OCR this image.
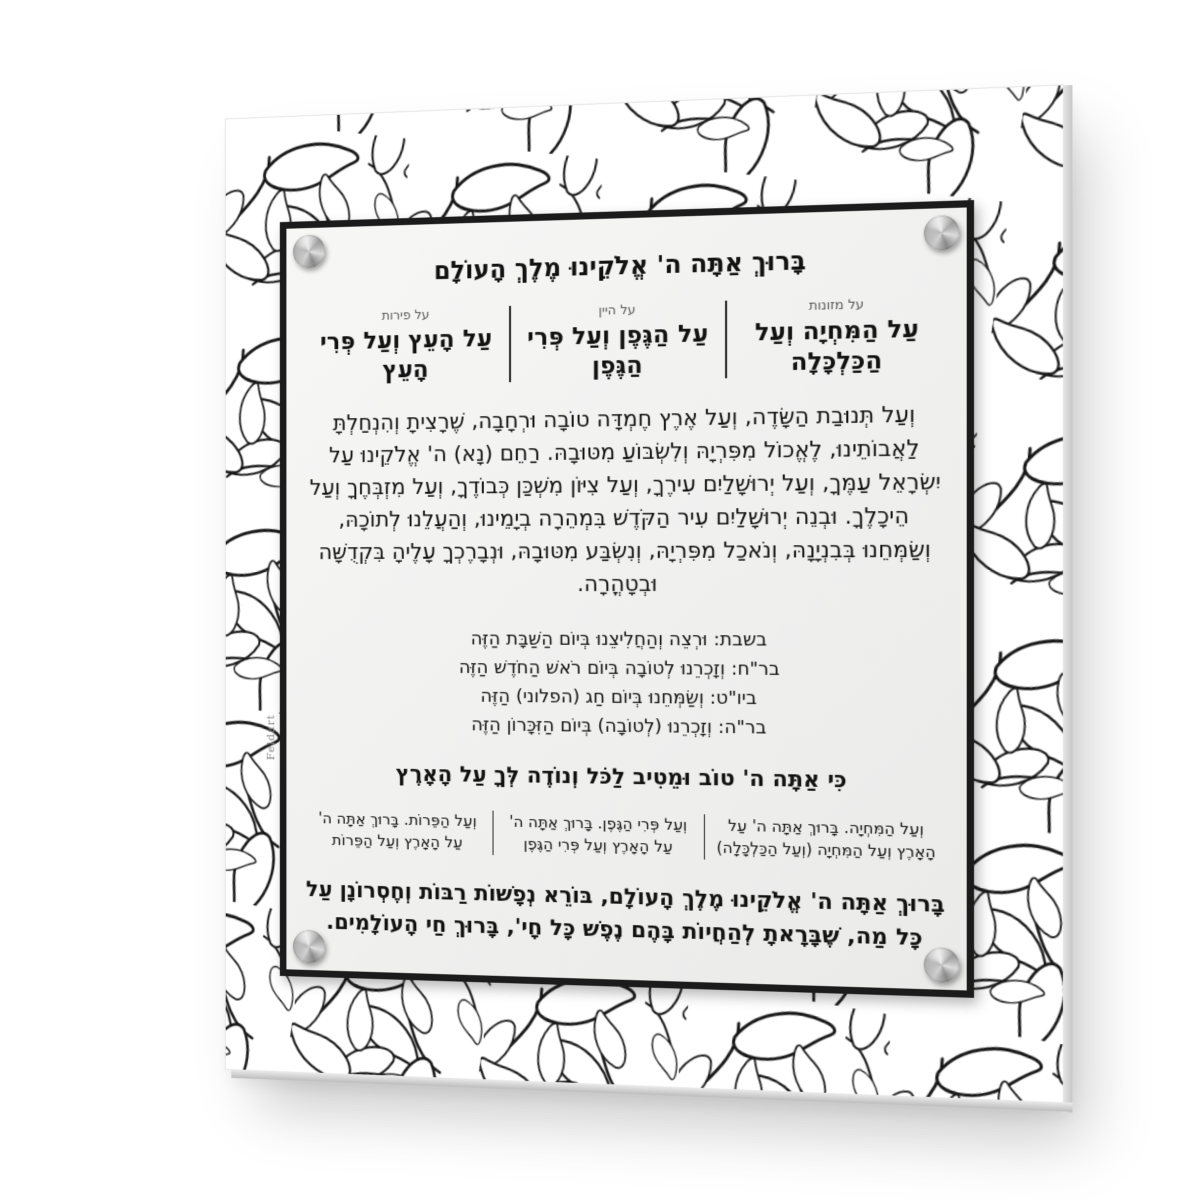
Feldart
בָּרוּךְ אַתָּה ה' אֱלֹקֵינוּ מֶלֶךְ הָעוֹלָם
על מזונות
עַל הַמִּחְיָה וְעַל הַכַּלְכָּלָה
על היין
עַל הַגֶּפֶן וְעַל פְּרִי הַגֶּפֶן
על פירות
עַל הָעֵץ וְעַל פְּרִי הָעֵץ
וְעַל תְּנוּבַת הַשָּׂדֶה, וְעַל אֶרֶץ חֶמְדָּה טוֹבָה וּרְחָבָה, שֶׁרָצִיתָ וְהִנְחַלְתָּ לַאֲבוֹתֵינוּ, לֶאֱכוֹל מִפִּרְיָהּ וְלִשְׂבּוֹעַ מִטּוּבָהּ. רַחֵם (נָא) ה' אֱלֹקֵינוּ עַל יִשְׂרָאֵל עַמֶּךָ, וְעַל יְרוּשָׁלַיִם עִירֶךָ, וְעַל צִיּוֹן מִשְׁכַּן כְּבוֹדֶךָ, וְעַל מִזְבְּחֶךָ וְעַל הֵיכָלֶךָ. וּבְנֵה יְרוּשָׁלַיִם עִיר הַקֹּדֶשׁ בִּמְהֵרָה בְיָמֵינוּ, וְהַעֲלֵנוּ לְתוֹכָהּ, וְשַׂמְּחֵנוּ בְּבִנְיָנָהּ, וְנֹאכַל מִפִּרְיָהּ, וְנִשְׂבַּע מִטּוּבָהּ, וּנְבָרֶכְךָ עָלֶיהָ בִּקְדֻשָּׁה וּבְטָהֳרָה.
בשבת: וּרְצֵה וְהַחֲלִיצֵנוּ בְּיוֹם הַשַּׁבָּת הַזֶּה
בר"ח: וְזָכְרֵנוּ לְטוֹבָה בְּיוֹם רֹאשׁ הַחֹדֶשׁ הַזֶּה
ביו"ט: וְשַׂמְּחֵנוּ בְּיוֹם חַג (הפלוני) הַזֶּה
בר"ה: וְזָכְרֵנוּ (לְטוֹבָה) בְּיוֹם הַזִּכָּרוֹן הַזֶּה
כִּי אַתָּה ה' טוֹב וּמֵטִיב לַכֹּל וְנוֹדֶה לְּךָ עַל הָאָרֶץ
וְעַל הַמִּחְיָה. בָּרוּךְ אַתָּה ה' עַל הָאָרֶץ וְעַל הַמִּחְיָה (וְעַל הַכַּלְכָּלָה)
וְעַל פְּרִי הַגֶּפֶן. בָּרוּךְ אַתָּה ה' עַל הָאָרֶץ וְעַל פְּרִי הַגֶּפֶן
וְעַל הַפֵּרוֹת. בָּרוּךְ אַתָּה ה' עַל הָאָרֶץ וְעַל הַפֵּרוֹת
בָּרוּךְ אַתָּה ה' אֱלֹקֵינוּ מֶלֶךְ הָעוֹלָם, בּוֹרֵא נְפָשׁוֹת רַבּוֹת וְחֶסְרוֹנָן עַל כָּל מַה, שֶׁבָּרָאתָ לְהַחֲיוֹת בָּהֶם נֶפֶשׁ כָּל חָי', בָּרוּךְ חַי הָעוֹלָמִים.
